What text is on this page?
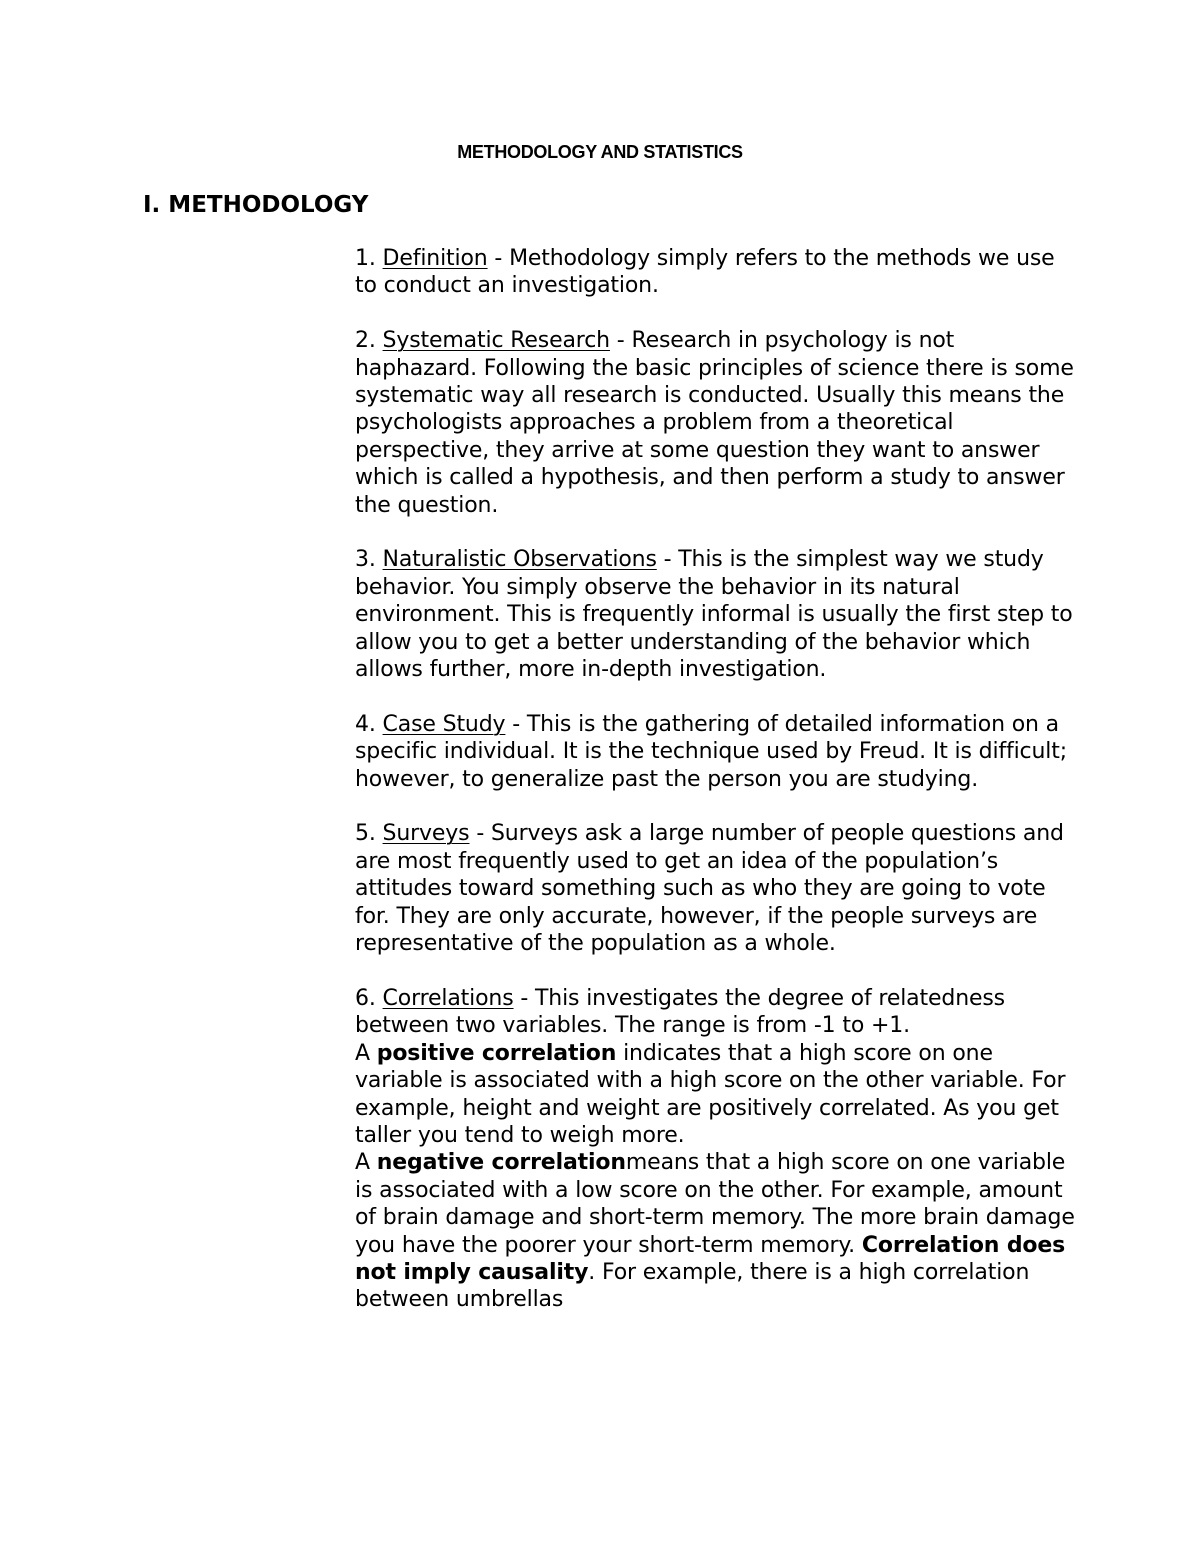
METHODOLOGY AND STATISTICS
I. METHODOLOGY

1. Definition - Methodology simply refers to the methods we use to conduct an investigation.

2. Systematic Research - Research in psychology is not haphazard. Following the basic principles of science there is some systematic way all research is conducted. Usually this means the psychologists approaches a problem from a theoretical perspective, they arrive at some question they want to answer which is called a hypothesis, and then perform a study to answer the question.

3. Naturalistic Observations - This is the simplest way we study behavior. You simply observe the behavior in its natural environment. This is frequently informal is usually the first step to allow you to get a better understanding of the behavior which allows further, more in-depth investigation.

4. Case Study - This is the gathering of detailed information on a specific individual. It is the technique used by Freud. It is difficult; however, to generalize past the person you are studying.

5. Surveys - Surveys ask a large number of people questions and are most frequently used to get an idea of the population’s attitudes toward something such as who they are going to vote for. They are only accurate, however, if the people surveys are representative of the population as a whole.

6. Correlations - This investigates the degree of relatedness between two variables. The range is from -1 to +1.

A positive correlation indicates that a high score on one variable is associated with a high score on the other variable. For example, height and weight are positively correlated. As you get taller you tend to weigh more.

A negative correlationmeans that a high score on one variable is associated with a low score on the other. For example, amount of brain damage and short-term memory. The more brain damage you have the poorer your short-term memory. Correlation does not imply causality. For example, there is a high correlation between umbrellas
